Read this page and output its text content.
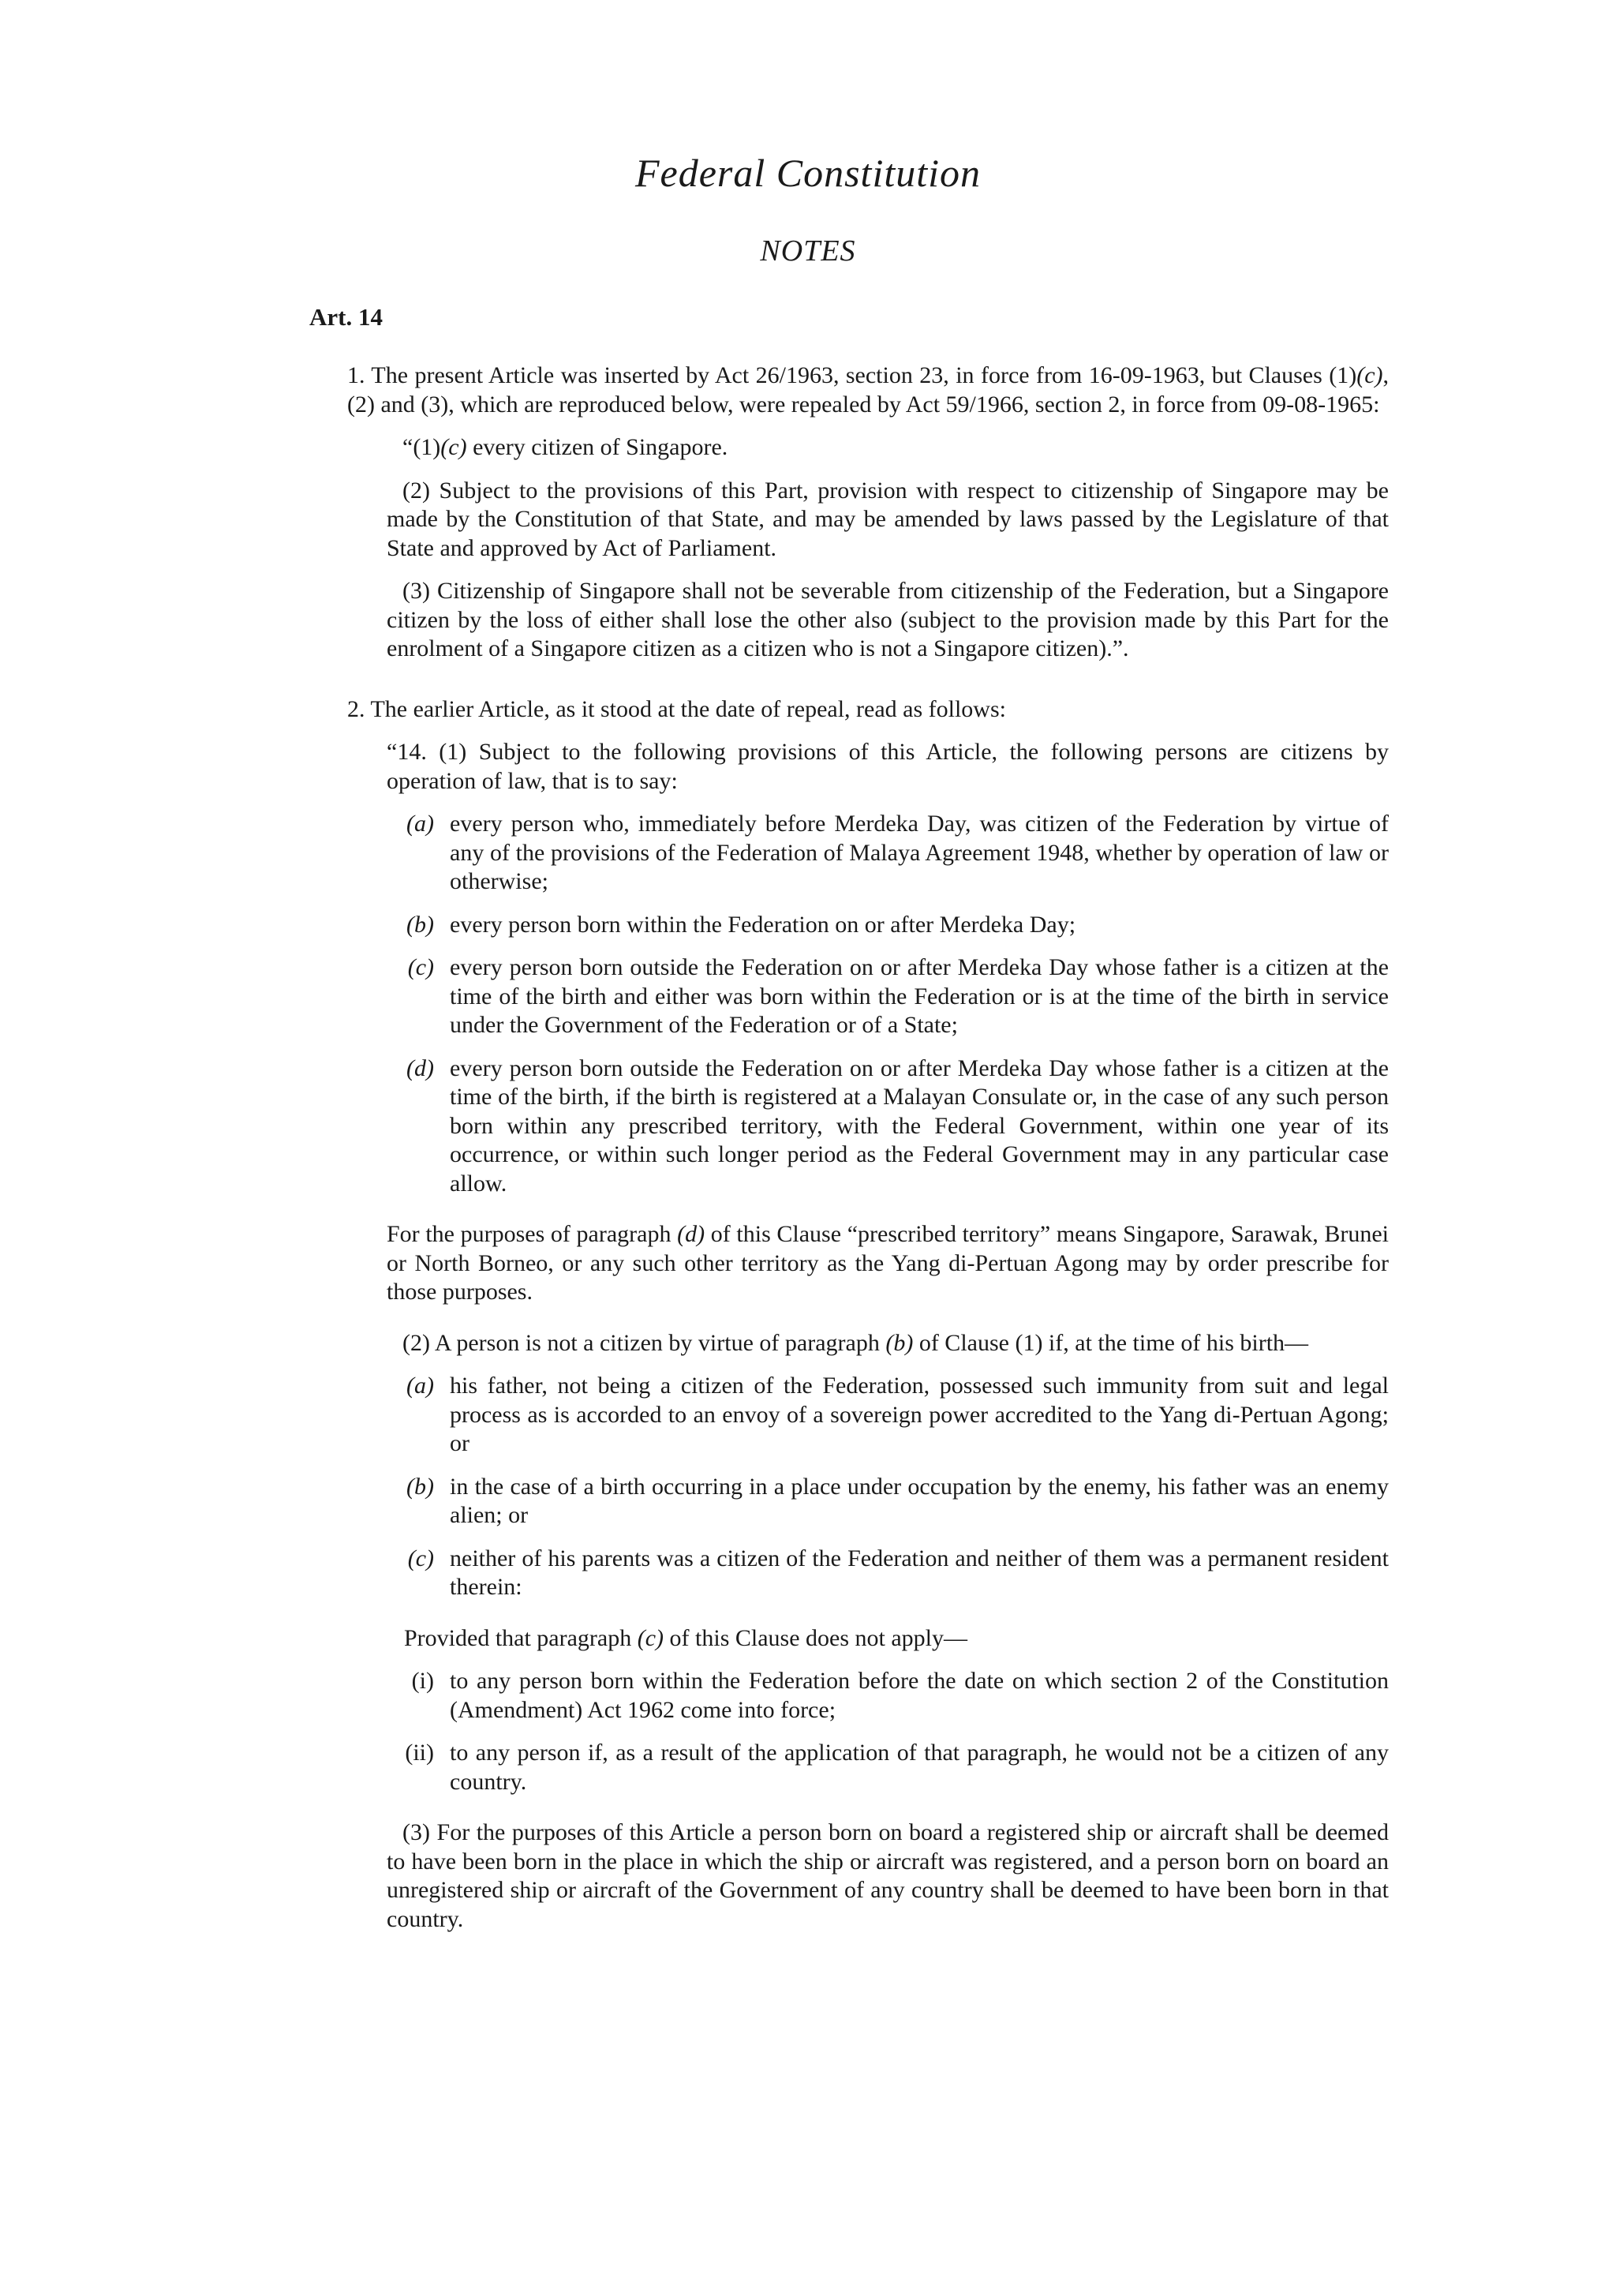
Federal Constitution
NOTES
Art. 14

1. The present Article was inserted by Act 26/1963, section 23, in force from 16-09-1963, but Clauses (1)(c), (2) and (3), which are reproduced below, were repealed by Act 59/1966, section 2, in force from 09-08-1965:

“(1)(c) every citizen of Singapore.

(2) Subject to the provisions of this Part, provision with respect to citizenship of Singapore may be made by the Constitution of that State, and may be amended by laws passed by the Legislature of that State and approved by Act of Parliament.

(3) Citizenship of Singapore shall not be severable from citizenship of the Federation, but a Singapore citizen by the loss of either shall lose the other also (subject to the provision made by this Part for the enrolment of a Singapore citizen as a citizen who is not a Singapore citizen).”.

2. The earlier Article, as it stood at the date of repeal, read as follows:

“14. (1) Subject to the following provisions of this Article, the following persons are citizens by operation of law, that is to say:

(a) every person who, immediately before Merdeka Day, was citizen of the Federation by virtue of any of the provisions of the Federation of Malaya Agreement 1948, whether by operation of law or otherwise;
(b) every person born within the Federation on or after Merdeka Day;
(c) every person born outside the Federation on or after Merdeka Day whose father is a citizen at the time of the birth and either was born within the Federation or is at the time of the birth in service under the Government of the Federation or of a State;
(d) every person born outside the Federation on or after Merdeka Day whose father is a citizen at the time of the birth, if the birth is registered at a Malayan Consulate or, in the case of any such person born within any prescribed territory, with the Federal Government, within one year of its occurrence, or within such longer period as the Federal Government may in any particular case allow.

For the purposes of paragraph (d) of this Clause “prescribed territory” means Singapore, Sarawak, Brunei or North Borneo, or any such other territory as the Yang di-Pertuan Agong may by order prescribe for those purposes.

(2) A person is not a citizen by virtue of paragraph (b) of Clause (1) if, at the time of his birth—

(a) his father, not being a citizen of the Federation, possessed such immunity from suit and legal process as is accorded to an envoy of a sovereign power accredited to the Yang di-Pertuan Agong; or
(b) in the case of a birth occurring in a place under occupation by the enemy, his father was an enemy alien; or
(c) neither of his parents was a citizen of the Federation and neither of them was a permanent resident therein:

Provided that paragraph (c) of this Clause does not apply—

(i) to any person born within the Federation before the date on which section 2 of the Constitution (Amendment) Act 1962 come into force;
(ii) to any person if, as a result of the application of that paragraph, he would not be a citizen of any country.

(3) For the purposes of this Article a person born on board a registered ship or aircraft shall be deemed to have been born in the place in which the ship or aircraft was registered, and a person born on board an unregistered ship or aircraft of the Government of any country shall be deemed to have been born in that country.
